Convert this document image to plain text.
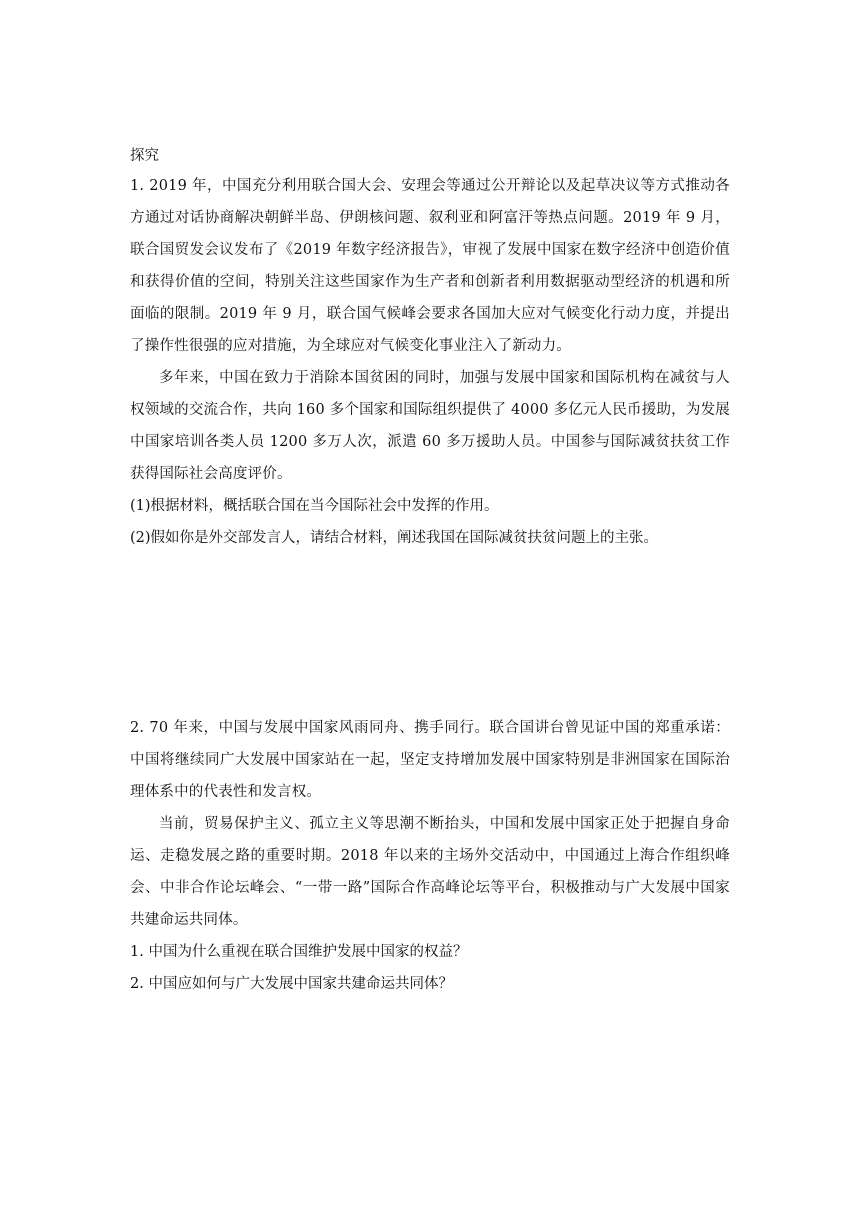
探究

1. 2019 年，中国充分利用联合国大会、安理会等通过公开辩论以及起草决议等方式推动各方通过对话协商解决朝鲜半岛、伊朗核问题、叙利亚和阿富汗等热点问题。2019 年 9 月，联合国贸发会议发布了《2019 年数字经济报告》，审视了发展中国家在数字经济中创造价值和获得价值的空间，特别关注这些国家作为生产者和创新者利用数据驱动型经济的机遇和所面临的限制。2019 年 9 月，联合国气候峰会要求各国加大应对气候变化行动力度，并提出了操作性很强的应对措施，为全球应对气候变化事业注入了新动力。

多年来，中国在致力于消除本国贫困的同时，加强与发展中国家和国际机构在减贫与人权领域的交流合作，共向 160 多个国家和国际组织提供了 4000 多亿元人民币援助，为发展中国家培训各类人员 1200 多万人次，派遣 60 多万援助人员。中国参与国际减贫扶贫工作获得国际社会高度评价。

(1)根据材料，概括联合国在当今国际社会中发挥的作用。

(2)假如你是外交部发言人，请结合材料，阐述我国在国际减贫扶贫问题上的主张。

2. 70 年来，中国与发展中国家风雨同舟、携手同行。联合国讲台曾见证中国的郑重承诺：中国将继续同广大发展中国家站在一起，坚定支持增加发展中国家特别是非洲国家在国际治理体系中的代表性和发言权。

当前，贸易保护主义、孤立主义等思潮不断抬头，中国和发展中国家正处于把握自身命运、走稳发展之路的重要时期。2018 年以来的主场外交活动中，中国通过上海合作组织峰会、中非合作论坛峰会、“一带一路”国际合作高峰论坛等平台，积极推动与广大发展中国家共建命运共同体。

1. 中国为什么重视在联合国维护发展中国家的权益？

2. 中国应如何与广大发展中国家共建命运共同体？
